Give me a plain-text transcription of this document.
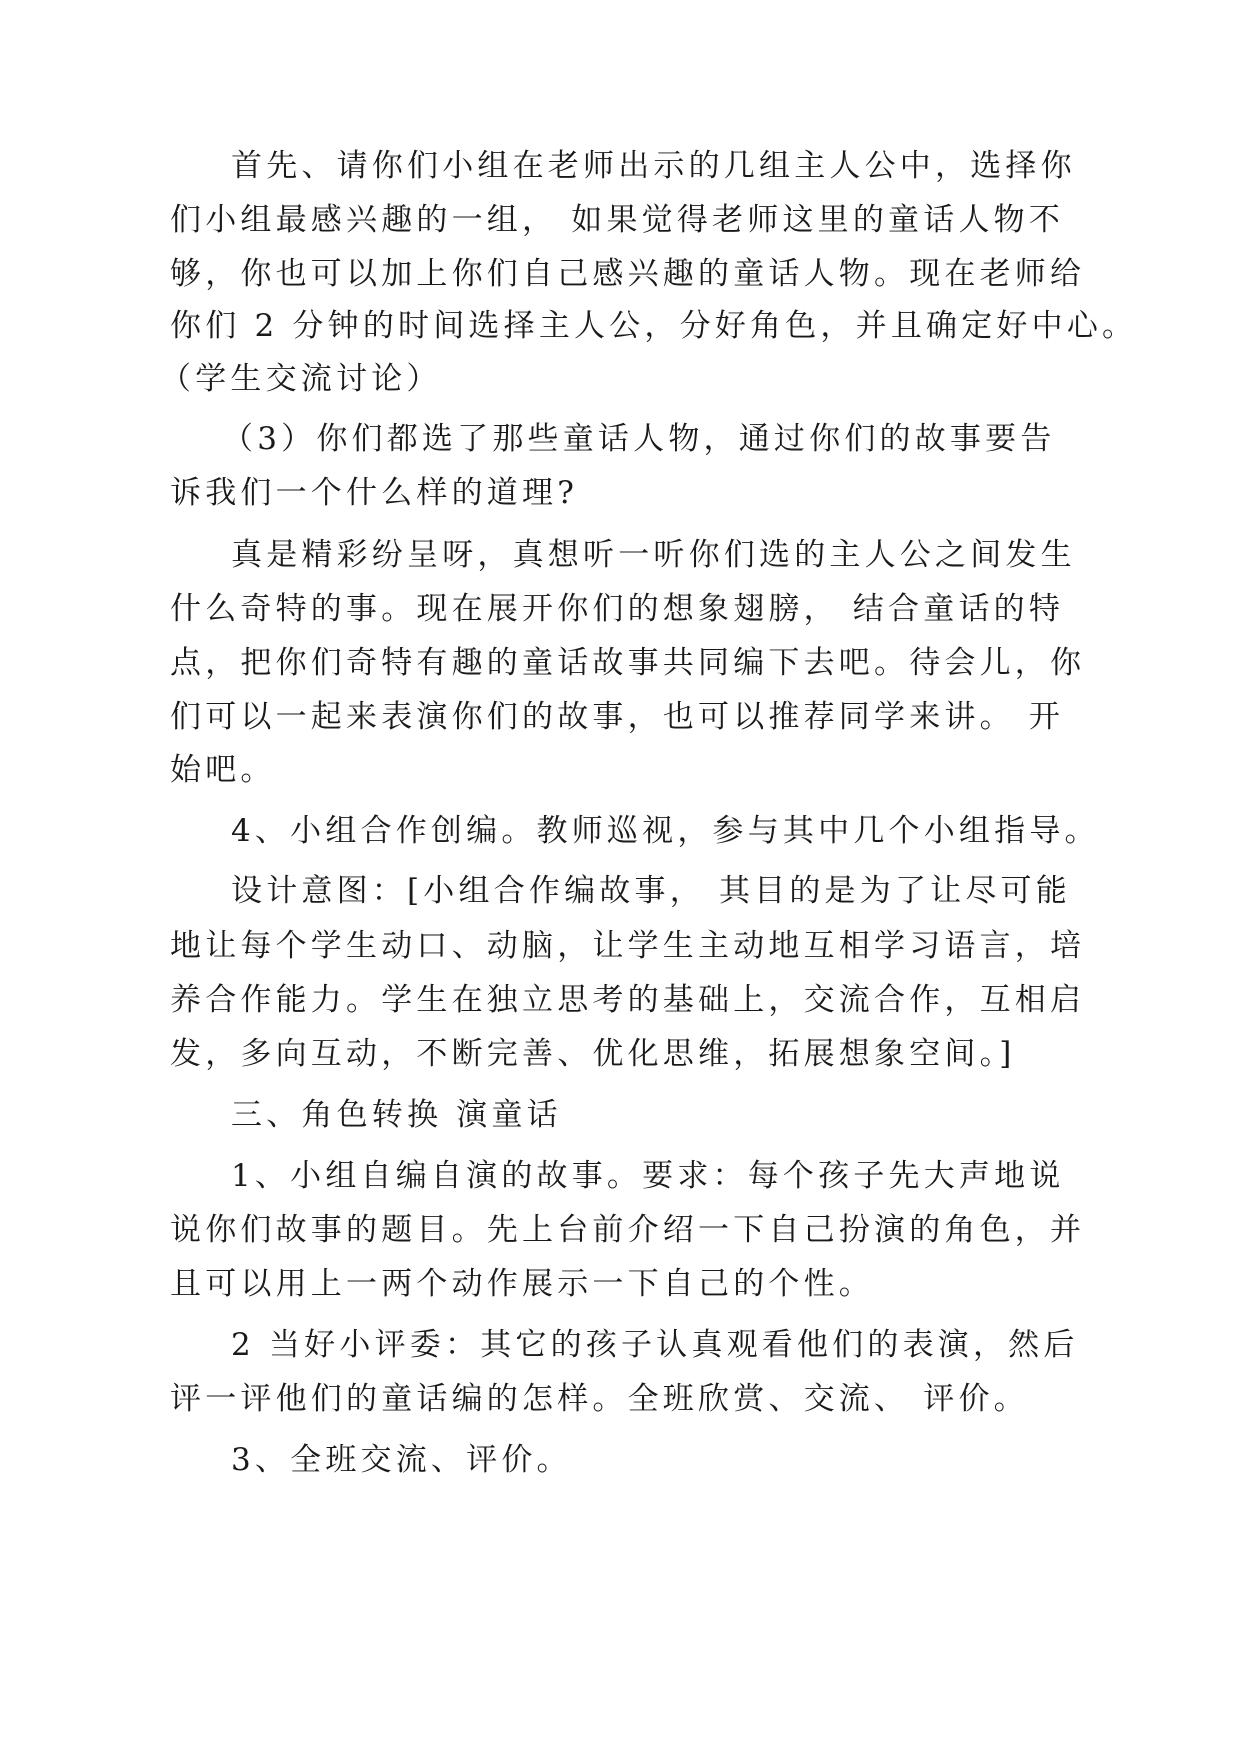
首先、请你们小组在老师出示的几组主人公中，选择你
们小组最感兴趣的一组， 如果觉得老师这里的童话人物不
够，你也可以加上你们自己感兴趣的童话人物。现在老师给
你们 2 分钟的时间选择主人公，分好角色，并且确定好中心。
（学生交流讨论）
（3）你们都选了那些童话人物，通过你们的故事要告
诉我们一个什么样的道理?
真是精彩纷呈呀，真想听一听你们选的主人公之间发生
什么奇特的事。现在展开你们的想象翅膀， 结合童话的特
点，把你们奇特有趣的童话故事共同编下去吧。待会儿，你
们可以一起来表演你们的故事，也可以推荐同学来讲。 开
始吧。
4、小组合作创编。教师巡视，参与其中几个小组指导。
设计意图：[小组合作编故事， 其目的是为了让尽可能
地让每个学生动口、动脑，让学生主动地互相学习语言，培
养合作能力。学生在独立思考的基础上，交流合作，互相启
发，多向互动，不断完善、优化思维，拓展想象空间。]
三、角色转换 演童话
1、小组自编自演的故事。要求：每个孩子先大声地说
说你们故事的题目。先上台前介绍一下自己扮演的角色，并
且可以用上一两个动作展示一下自己的个性。
2 当好小评委：其它的孩子认真观看他们的表演，然后
评一评他们的童话编的怎样。全班欣赏、交流、 评价。
3、全班交流、评价。
